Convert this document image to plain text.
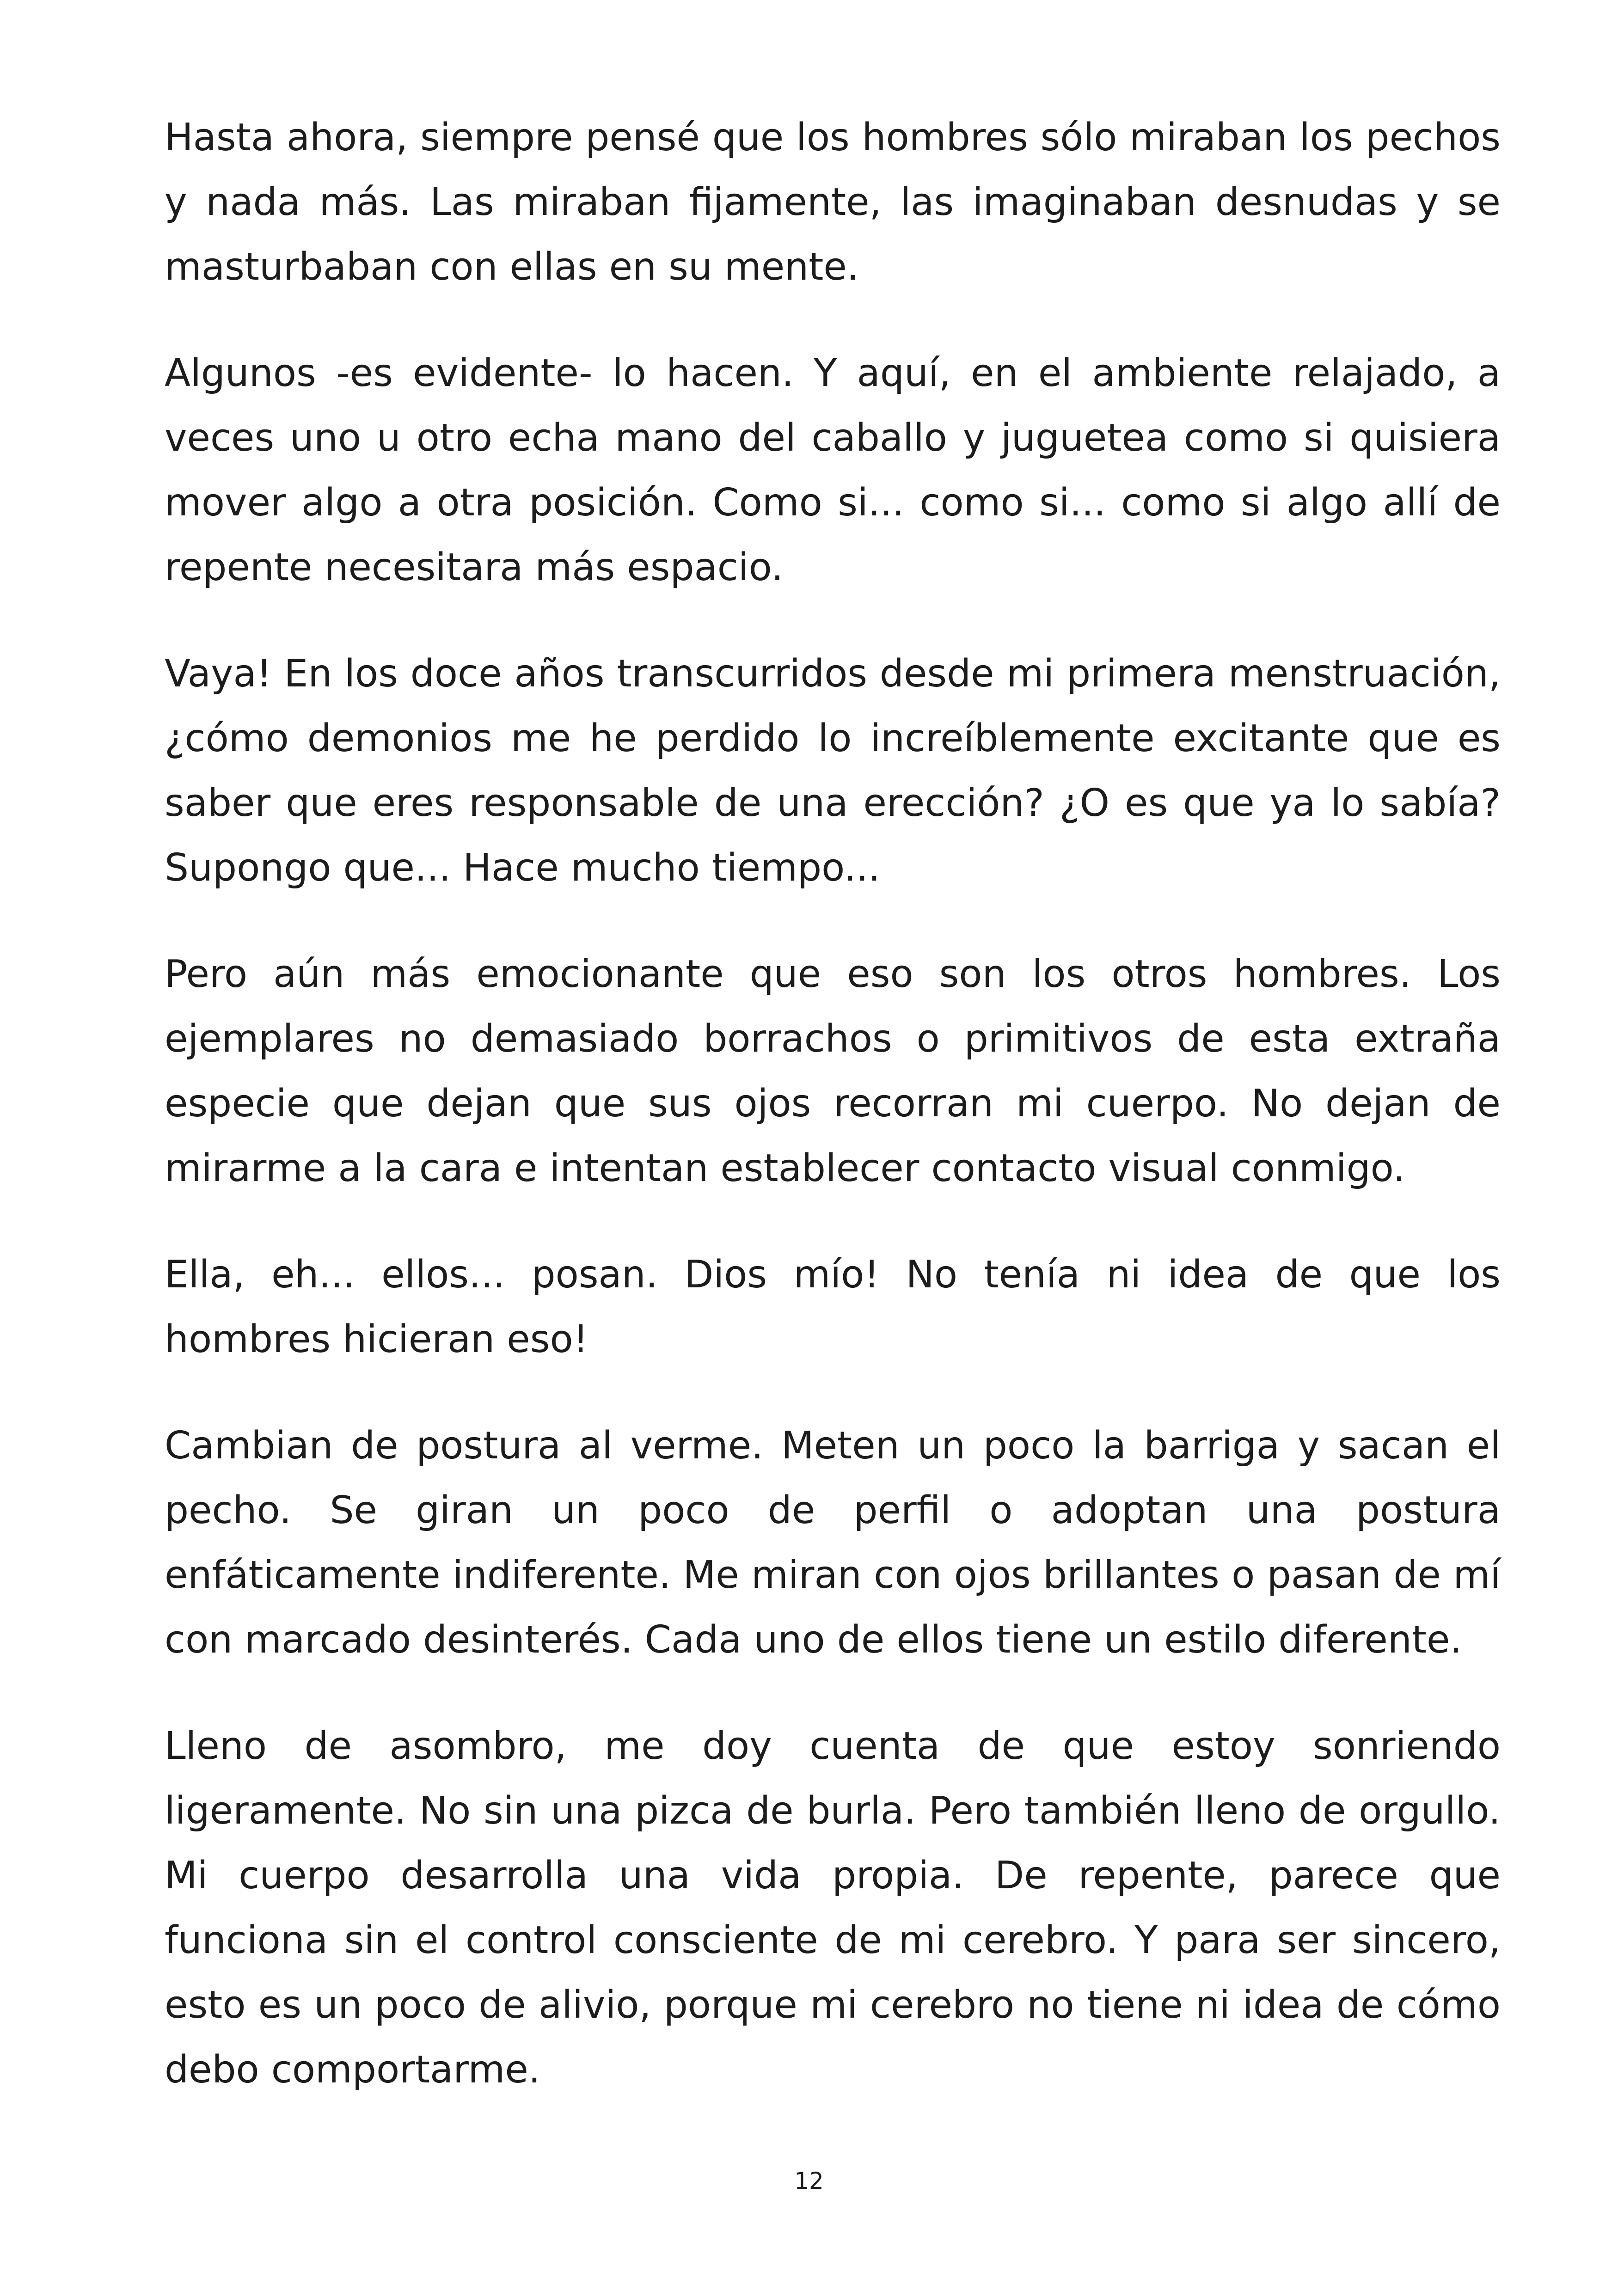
Hasta ahora, siempre pensé que los hombres sólo miraban los pechos y nada más. Las miraban fijamente, las imaginaban desnudas y se masturbaban con ellas en su mente.

Algunos -es evidente- lo hacen. Y aquí, en el ambiente relajado, a veces uno u otro echa mano del caballo y juguetea como si quisiera mover algo a otra posición. Como si... como si... como si algo allí de repente necesitara más espacio.

Vaya! En los doce años transcurridos desde mi primera menstruación, ¿cómo demonios me he perdido lo increíblemente excitante que es saber que eres responsable de una erección? ¿O es que ya lo sabía? Supongo que... Hace mucho tiempo...

Pero aún más emocionante que eso son los otros hombres. Los ejemplares no demasiado borrachos o primitivos de esta extraña especie que dejan que sus ojos recorran mi cuerpo. No dejan de mirarme a la cara e intentan establecer contacto visual conmigo.

Ella, eh... ellos... posan. Dios mío! No tenía ni idea de que los hombres hicieran eso!

Cambian de postura al verme. Meten un poco la barriga y sacan el pecho. Se giran un poco de perfil o adoptan una postura enfáticamente indiferente. Me miran con ojos brillantes o pasan de mí con marcado desinterés. Cada uno de ellos tiene un estilo diferente.

Lleno de asombro, me doy cuenta de que estoy sonriendo ligeramente. No sin una pizca de burla. Pero también lleno de orgullo. Mi cuerpo desarrolla una vida propia. De repente, parece que funciona sin el control consciente de mi cerebro. Y para ser sincero, esto es un poco de alivio, porque mi cerebro no tiene ni idea de cómo debo comportarme.

12
